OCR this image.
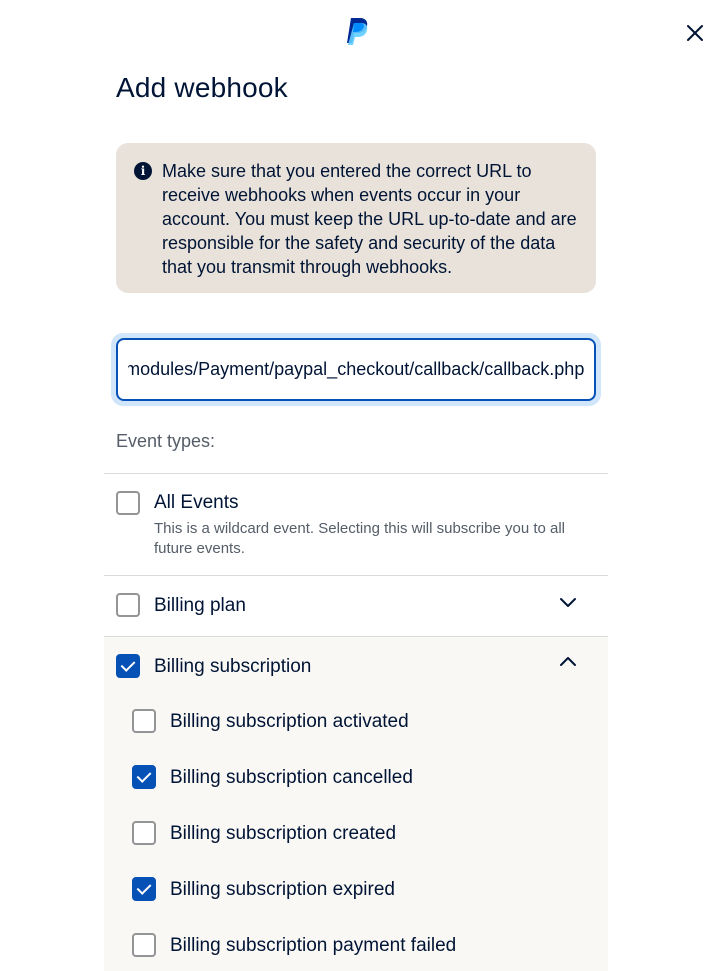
Add webhook
i Make sure that you entered the correct URL to receive webhooks when events occur in your account. You must keep the URL up-to-date and are responsible for the safety and security of the data that you transmit through webhooks.
https://example.com/modules/Payment/paypal_checkout/callback/callback.php
Event types:
All Events
This is a wildcard event. Selecting this will subscribe you to all future events.
Billing plan
Billing subscription
Billing subscription activated
Billing subscription cancelled
Billing subscription created
Billing subscription expired
Billing subscription payment failed
